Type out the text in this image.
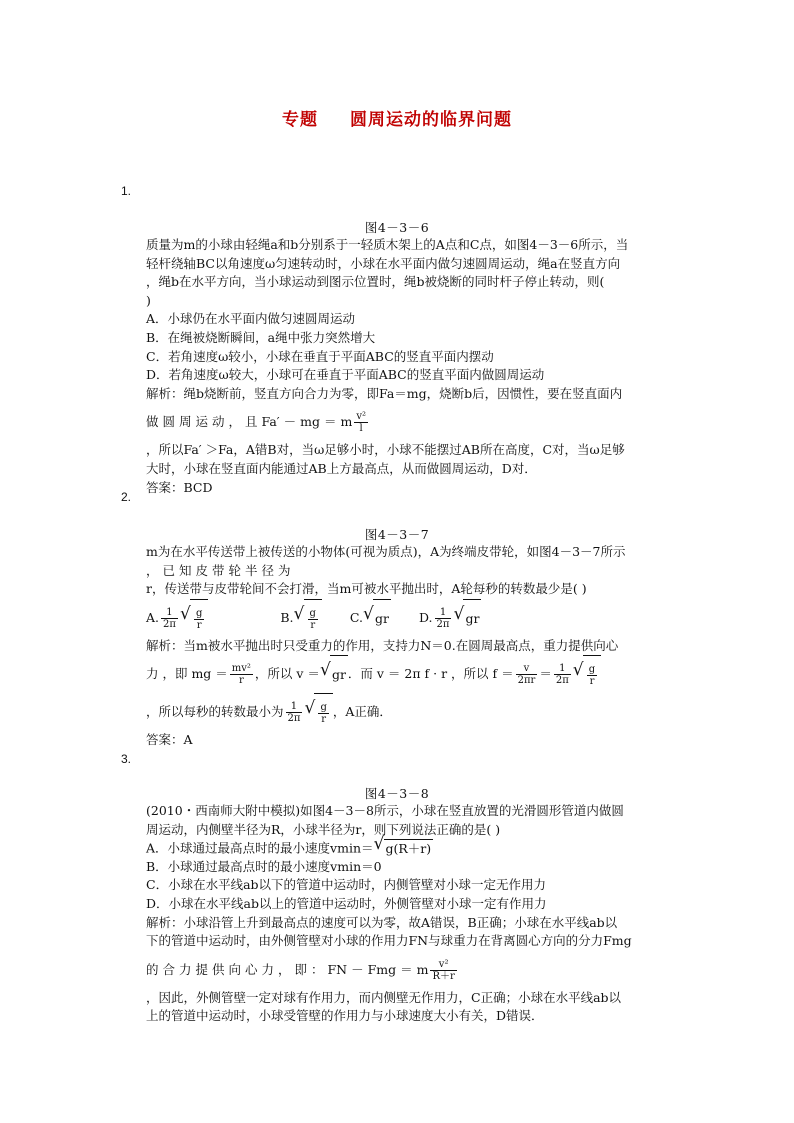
专题 圆周运动的临界问题
1.
图4－3－6
质量为m的小球由轻绳a和b分别系于一轻质木架上的A点和C点，如图4－3－6所示，当
轻杆绕轴BC以角速度ω匀速转动时，小球在水平面内做匀速圆周运动，绳a在竖直方向
，绳b在水平方向，当小球运动到图示位置时，绳b被烧断的同时杆子停止转动，则(
)
A．小球仍在水平面内做匀速圆周运动
B．在绳被烧断瞬间，a绳中张力突然增大
C．若角速度ω较小，小球在垂直于平面ABC的竖直平面内摆动
D．若角速度ω较大，小球可在垂直于平面ABC的竖直平面内做圆周运动
解析：绳b烧断前，竖直方向合力为零，即Fa＝mg，烧断b后，因惯性，要在竖直面内
做 圆 周 运 动 ， 且 Fa′ － mg ＝ m $\frac{\text{v²}}{l}$
，所以Fa′ ＞Fa，A错B对，当ω足够小时，小球不能摆过AB所在高度，C对，当ω足够
大时，小球在竖直面内能通过AB上方最高点，从而做圆周运动，D对．
答案：BCD
2.
图4－3－7
m为在水平传送带上被传送的小物体(可视为质点)，A为终端皮带轮，如图4－3－7所示
， 已 知 皮 带 轮 半 径 为
r，传送带与皮带轮间不会打滑，当m可被水平抛出时，A轮每秒的转数最少是( )
A. $\frac{1}{2\pi}$ √ $\frac{g}{r}$	B. √ $\frac{g}{r}$	C. √ gr D. $\frac{1}{2\pi}$ √ gr
解析：当m被水平抛出时只受重力的作用，支持力N＝0.在圆周最高点，重力提供向心
力 ，即 mg ＝ $\frac{\text{mv²}}{r}$ ，所以 v ＝ √ gr ．而 v ＝ 2π f · r ，所以 $f = \frac{v}{2\pi r} = \frac{1}{2\pi}$ √ $\frac{g}{r}$
，所以每秒的转数最小为 $\frac{1}{2\pi}$ √ $\frac{g}{r}$ ，A正确．
答案：A
3.
图4－3－8
(2010・西南师大附中模拟)如图4－3－8所示，小球在竖直放置的光滑圆形管道内做圆
周运动，内侧壁半径为R，小球半径为r，则下列说法正确的是( )
A．小球通过最高点时的最小速度vmin＝ √ g(R＋r)
B．小球通过最高点时的最小速度vmin＝0
C．小球在水平线ab以下的管道中运动时，内侧管壁对小球一定无作用力
D．小球在水平线ab以上的管道中运动时，外侧管壁对小球一定有作用力
解析：小球沿管上升到最高点的速度可以为零，故A错误，B正确；小球在水平线ab以
下的管道中运动时，由外侧管壁对小球的作用力FN与球重力在背离圆心方向的分力Fmg
的 合 力 提 供 向 心 力 ， 即 ： FN － Fmg ＝ m $\frac{\text{v²}}{R+r}$
，因此，外侧管壁一定对球有作用力，而内侧壁无作用力，C正确；小球在水平线ab以
上的管道中运动时，小球受管壁的作用力与小球速度大小有关，D错误．
